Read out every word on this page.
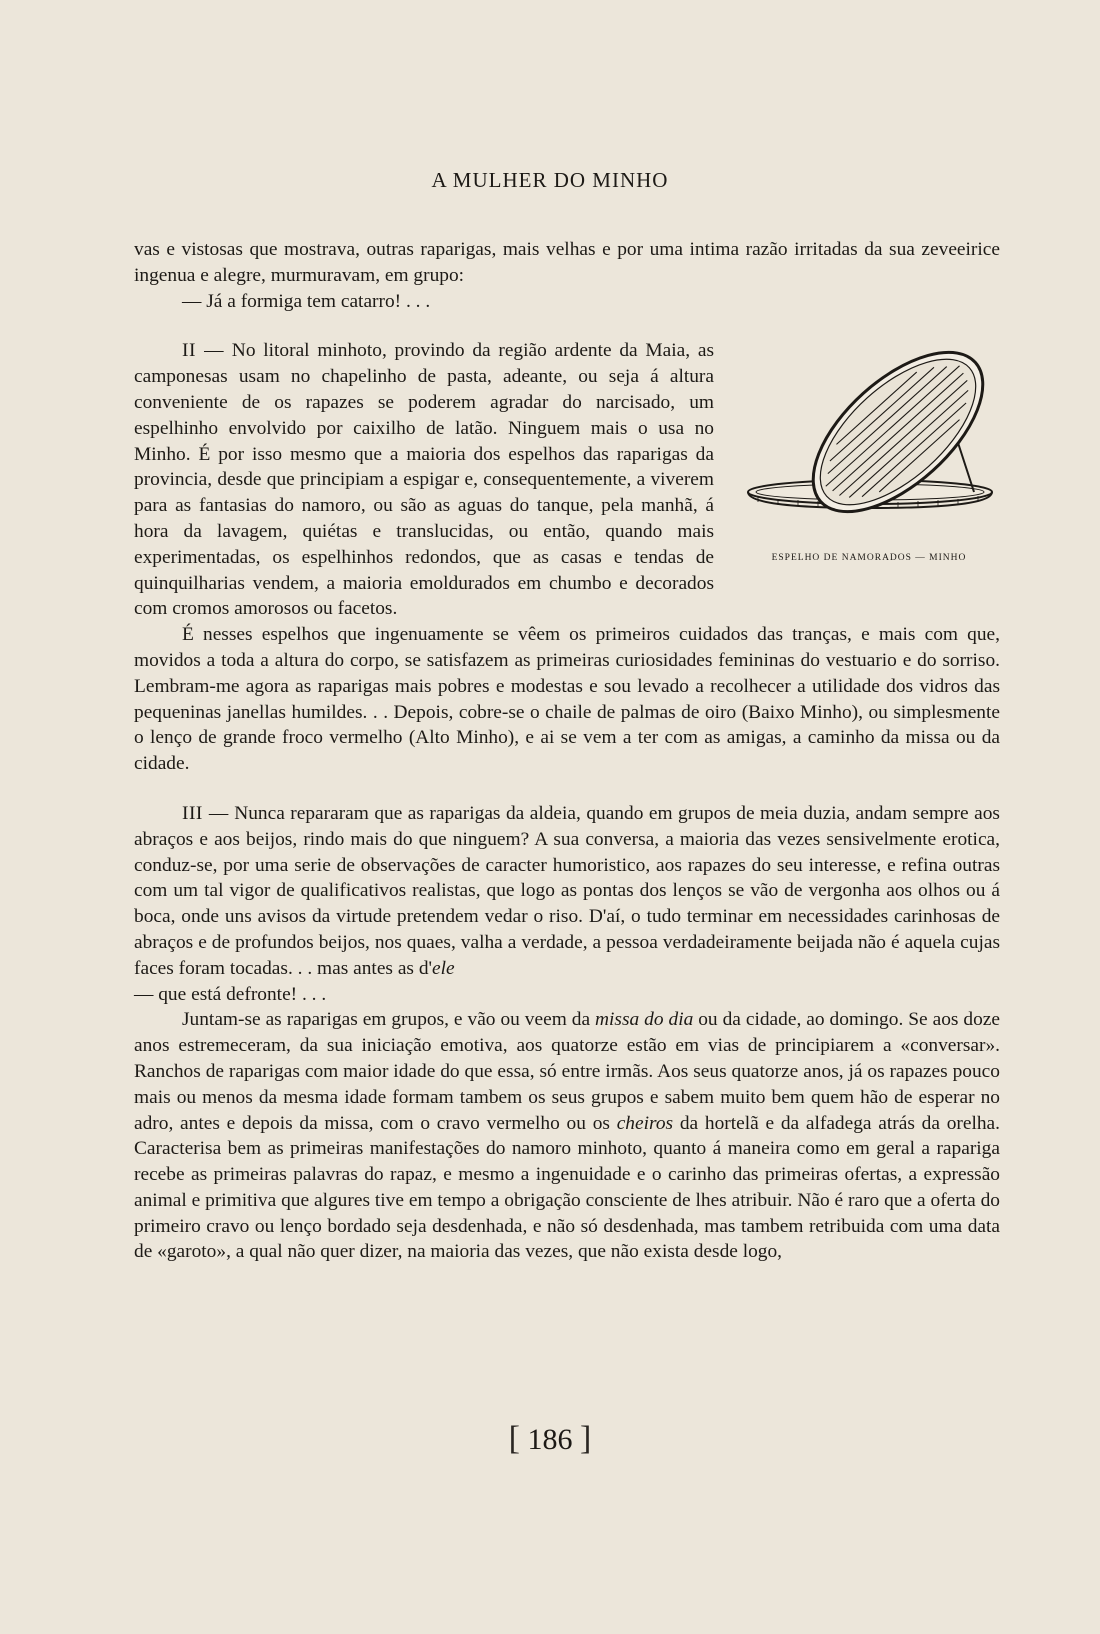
A MULHER DO MINHO

vas e vistosas que mostrava, outras raparigas, mais velhas e por uma intima razão irritadas da sua zeveeirice ingenua e alegre, murmuravam, em grupo:

— Já a formiga tem catarro! . . .

ESPELHO DE NAMORADOS — MINHO
II — No litoral minhoto, provindo da região ardente da Maia, as camponesas usam no chapelinho de pasta, adeante, ou seja á altura conveniente de os rapazes se poderem agradar do narcisado, um espelhinho envolvido por caixilho de latão. Ninguem mais o usa no Minho. É por isso mesmo que a maioria dos espelhos das raparigas da provincia, desde que principiam a espigar e, consequentemente, a viverem para as fantasias do namoro, ou são as aguas do tanque, pela manhã, á hora da lavagem, quiétas e translucidas, ou então, quando mais experimentadas, os espelhinhos redondos, que as casas e tendas de quinquilharias vendem, a maioria emoldurados em chumbo e decorados com cromos amorosos ou facetos.

É nesses espelhos que ingenuamente se vêem os primeiros cuidados das tranças, e mais com que, movidos a toda a altura do corpo, se satisfazem as primeiras curiosidades femininas do vestuario e do sorriso. Lembram-me agora as raparigas mais pobres e modestas e sou levado a recolhecer a utilidade dos vidros das pequeninas janellas humildes. . . Depois, cobre-se o chaile de palmas de oiro (Baixo Minho), ou simplesmente o lenço de grande froco vermelho (Alto Minho), e ai se vem a ter com as amigas, a caminho da missa ou da cidade.

III — Nunca repararam que as raparigas da aldeia, quando em grupos de meia duzia, andam sempre aos abraços e aos beijos, rindo mais do que ninguem? A sua conversa, a maioria das vezes sensivelmente erotica, conduz-se, por uma serie de observações de caracter humoristico, aos rapazes do seu interesse, e refina outras com um tal vigor de qualificativos realistas, que logo as pontas dos lenços se vão de vergonha aos olhos ou á boca, onde uns avisos da virtude pretendem vedar o riso. D'aí, o tudo terminar em necessidades carinhosas de abraços e de profundos beijos, nos quaes, valha a verdade, a pessoa verdadeiramente beijada não é aquela cujas faces foram tocadas. . . mas antes as d'ele

— que está defronte! . . .

Juntam-se as raparigas em grupos, e vão ou veem da missa do dia ou da cidade, ao domingo. Se aos doze anos estremeceram, da sua iniciação emotiva, aos quatorze estão em vias de principiarem a «conversar». Ranchos de raparigas com maior idade do que essa, só entre irmãs. Aos seus quatorze anos, já os rapazes pouco mais ou menos da mesma idade formam tambem os seus grupos e sabem muito bem quem hão de esperar no adro, antes e depois da missa, com o cravo vermelho ou os cheiros da hortelã e da alfadega atrás da orelha. Caracterisa bem as primeiras manifestações do namoro minhoto, quanto á maneira como em geral a rapariga recebe as primeiras palavras do rapaz, e mesmo a ingenuidade e o carinho das primeiras ofertas, a expressão animal e primitiva que algures tive em tempo a obrigação consciente de lhes atribuir. Não é raro que a oferta do primeiro cravo ou lenço bordado seja desdenhada, e não só desdenhada, mas tambem retribuida com uma data de «garoto», a qual não quer dizer, na maioria das vezes, que não exista desde logo,

[ 186 ]
